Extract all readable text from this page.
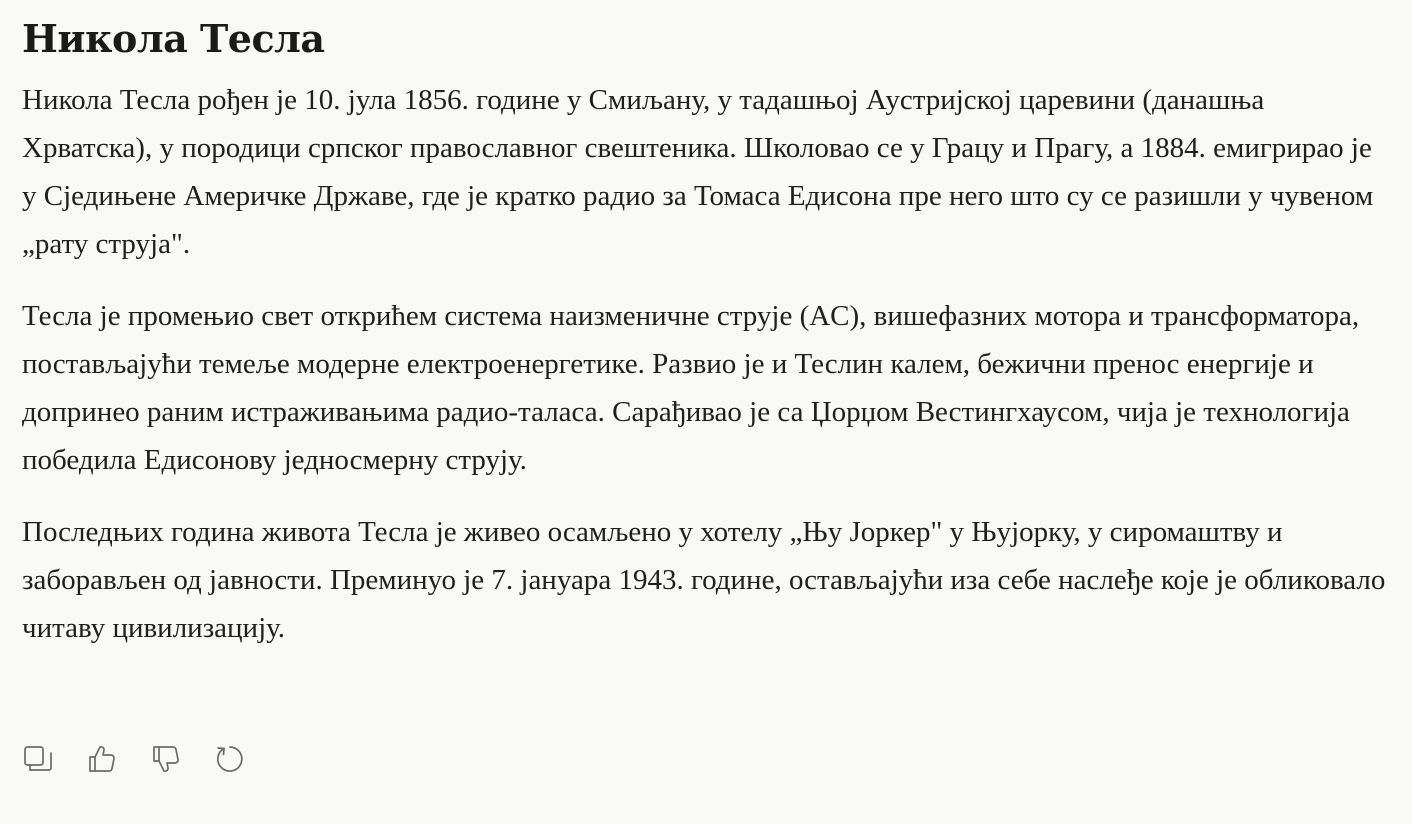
Никола Тесла

Никола Тесла рођен је 10. јула 1856. године у Смиљану, у тадашњој Аустријској царевини (данашња Хрватска), у породици српског православног свештеника. Школовао се у Грацу и Прагу, а 1884. емигрирао је у Сједињене Америчке Државе, где је кратко радио за Томаса Едисона пре него што су се разишли у чувеном „рату струја".

Тесла је промењио свет открићем система наизменичне струје (AC), вишефазних мотора и трансформатора, постављајући темеље модерне електроенергетике. Развио је и Теслин калем, бежични пренос енергије и допринео раним истраживањима радио-таласа. Сарађивао је са Џорџом Вестингхаусом, чија је технологија победила Едисонову једносмерну струју.

Последњих година живота Тесла је живео осамљено у хотелу „Њу Јоркер" у Њујорку, у сиромаштву и заборављен од јавности. Преминуо је 7. јануара 1943. године, остављајући иза себе наслеђе које је обликовало читаву цивилизацију.
